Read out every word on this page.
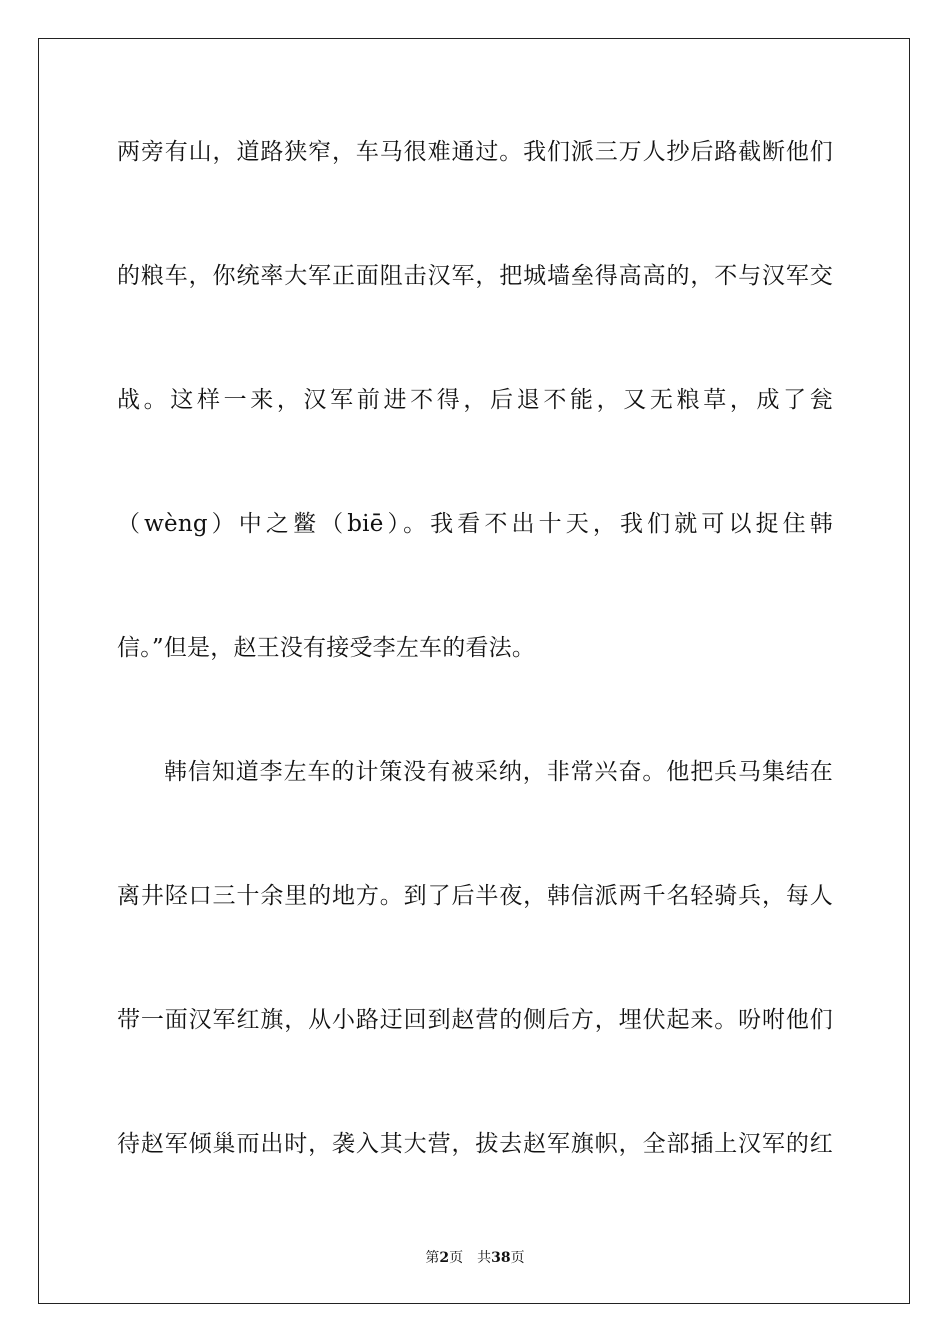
两旁有山，道路狭窄，车马很难通过。我们派三万人抄后路截断他们
的粮车，你统率大军正面阻击汉军，把城墙垒得高高的，不与汉军交
战。这样一来，汉军前进不得，后退不能，又无粮草，成了瓮
（wèng）中之鳖（biē）。我看不出十天，我们就可以捉住韩
信。”但是，赵王没有接受李左车的看法。
韩信知道李左车的计策没有被采纳，非常兴奋。他把兵马集结在
离井陉口三十余里的地方。到了后半夜，韩信派两千名轻骑兵，每人
带一面汉军红旗，从小路迂回到赵营的侧后方，埋伏起来。吩咐他们
待赵军倾巢而出时，袭入其大营，拔去赵军旗帜，全部插上汉军的红
第2页 共38页
